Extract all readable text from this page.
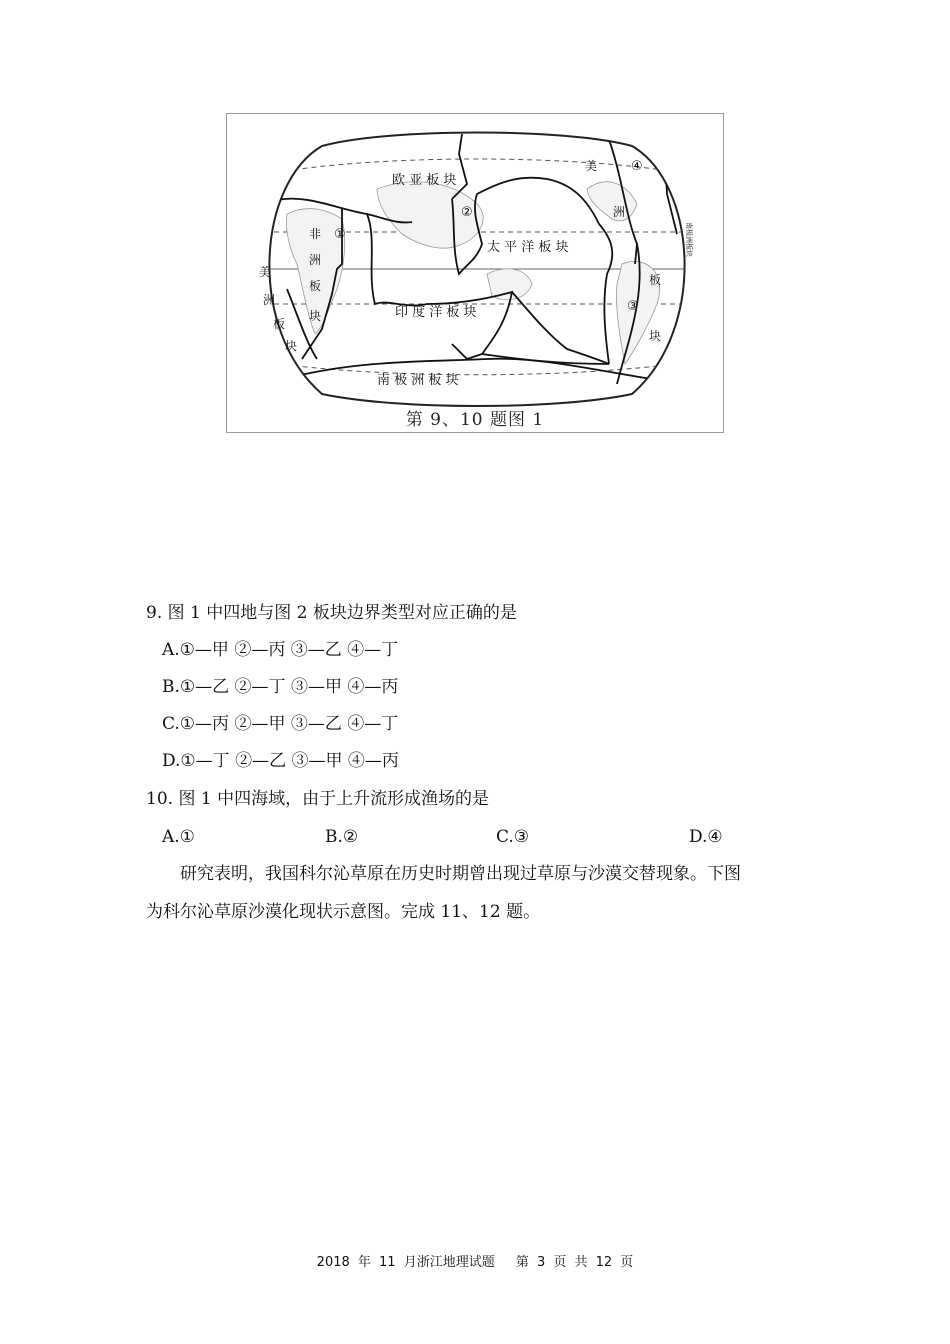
欧 亚 板 块
太 平 洋 板 块
印 度 洋 板 块
南 极 洲 板 块
非
洲
板
块
美
洲
板
块
美
洲
板
块
南极洲板块
①
②
③
④
第 9、10 题图 1
9. 图 1 中四地与图 2 板块边界类型对应正确的是
A.①—甲 ②—丙 ③—乙 ④—丁
B.①—乙 ②—丁 ③—甲 ④—丙
C.①—丙 ②—甲 ③—乙 ④—丁
D.①—丁 ②—乙 ③—甲 ④—丙
10. 图 1 中四海域，由于上升流形成渔场的是
A.①	B.②	C.③	D.④
研究表明，我国科尔沁草原在历史时期曾出现过草原与沙漠交替现象。下图
为科尔沁草原沙漠化现状示意图。完成 11、12 题。
2018 年 11 月浙江地理试题　 第 3 页 共 12 页
